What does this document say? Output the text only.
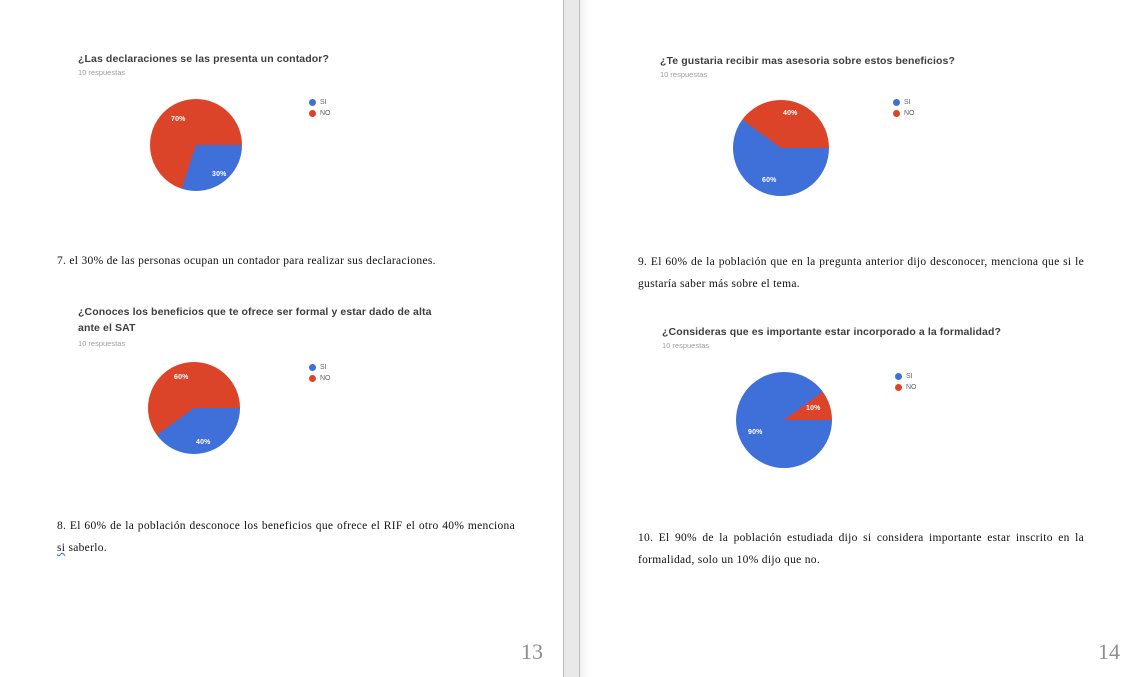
¿Las declaraciones se las presenta un contador?
10 respuestas
70%
30%
SI
NO

7. el 30% de las personas ocupan un contador para realizar sus declaraciones.

¿Conoces los beneficios que te ofrece ser formal y estar dado de alta ante el SAT
10 respuestas
60%
40%
SI
NO

8. El 60% de la población desconoce los beneficios que ofrece el RIF el otro 40% menciona si saberlo.

13
¿Te gustaria recibir mas asesoria sobre estos beneficios?
10 respuestas
40%
60%
SI
NO

9. El 60% de la población que en la pregunta anterior dijo desconocer, menciona que si le gustaría saber más sobre el tema.

¿Consideras que es importante estar incorporado a la formalidad?
10 respuestas
10%
90%
SI
NO

10. El 90% de la población estudiada dijo si considera importante estar inscrito en la formalidad, solo un 10% dijo que no.

14
